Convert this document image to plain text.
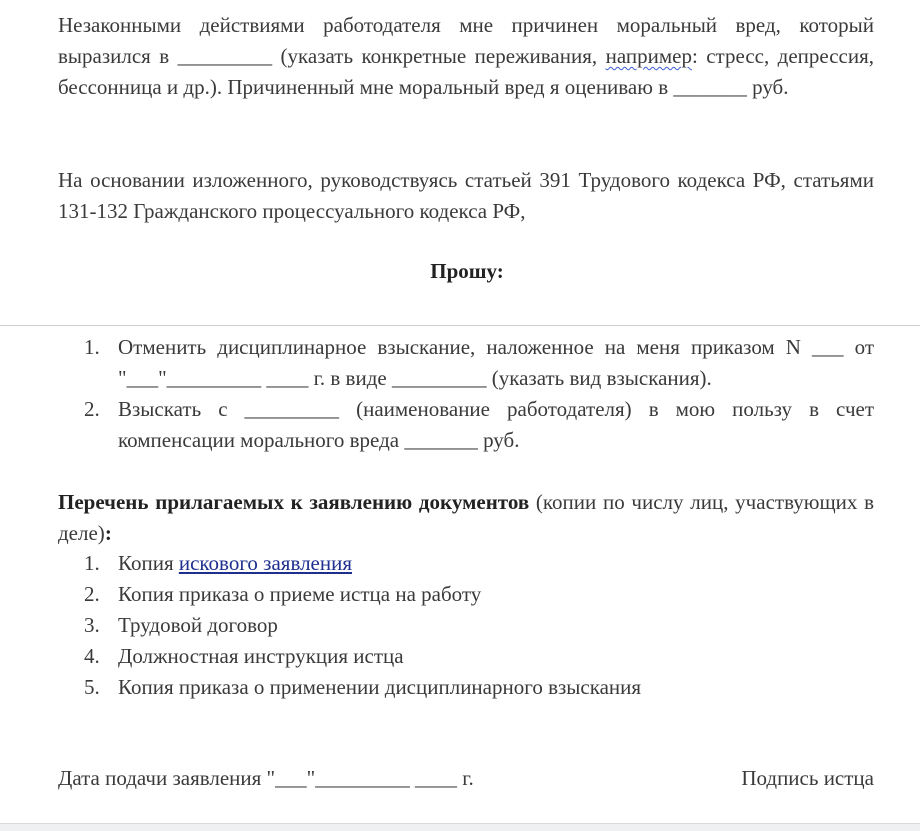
Незаконными действиями работодателя мне причинен моральный вред, который выразился в _________ (указать конкретные переживания, например: стресс, депрессия, бессонница и др.). Причиненный мне моральный вред я оцениваю в _______ руб.

На основании изложенного, руководствуясь статьей 391 Трудового кодекса РФ, статьями 131-132 Гражданского процессуального кодекса РФ,

Прошу:
1. Отменить дисциплинарное взыскание, наложенное на меня приказом N ___ от "___"_________ ____ г. в виде _________ (указать вид взыскания).
2. Взыскать с _________ (наименование работодателя) в мою пользу в счет компенсации морального вреда _______ руб.

Перечень прилагаемых к заявлению документов (копии по числу лиц, участвующих в деле):

1. Копия искового заявления
2. Копия приказа о приеме истца на работу
3. Трудовой договор
4. Должностная инструкция истца
5. Копия приказа о применении дисциплинарного взыскания
Дата подачи заявления "___"_________ ____ г.	Подпись истца
